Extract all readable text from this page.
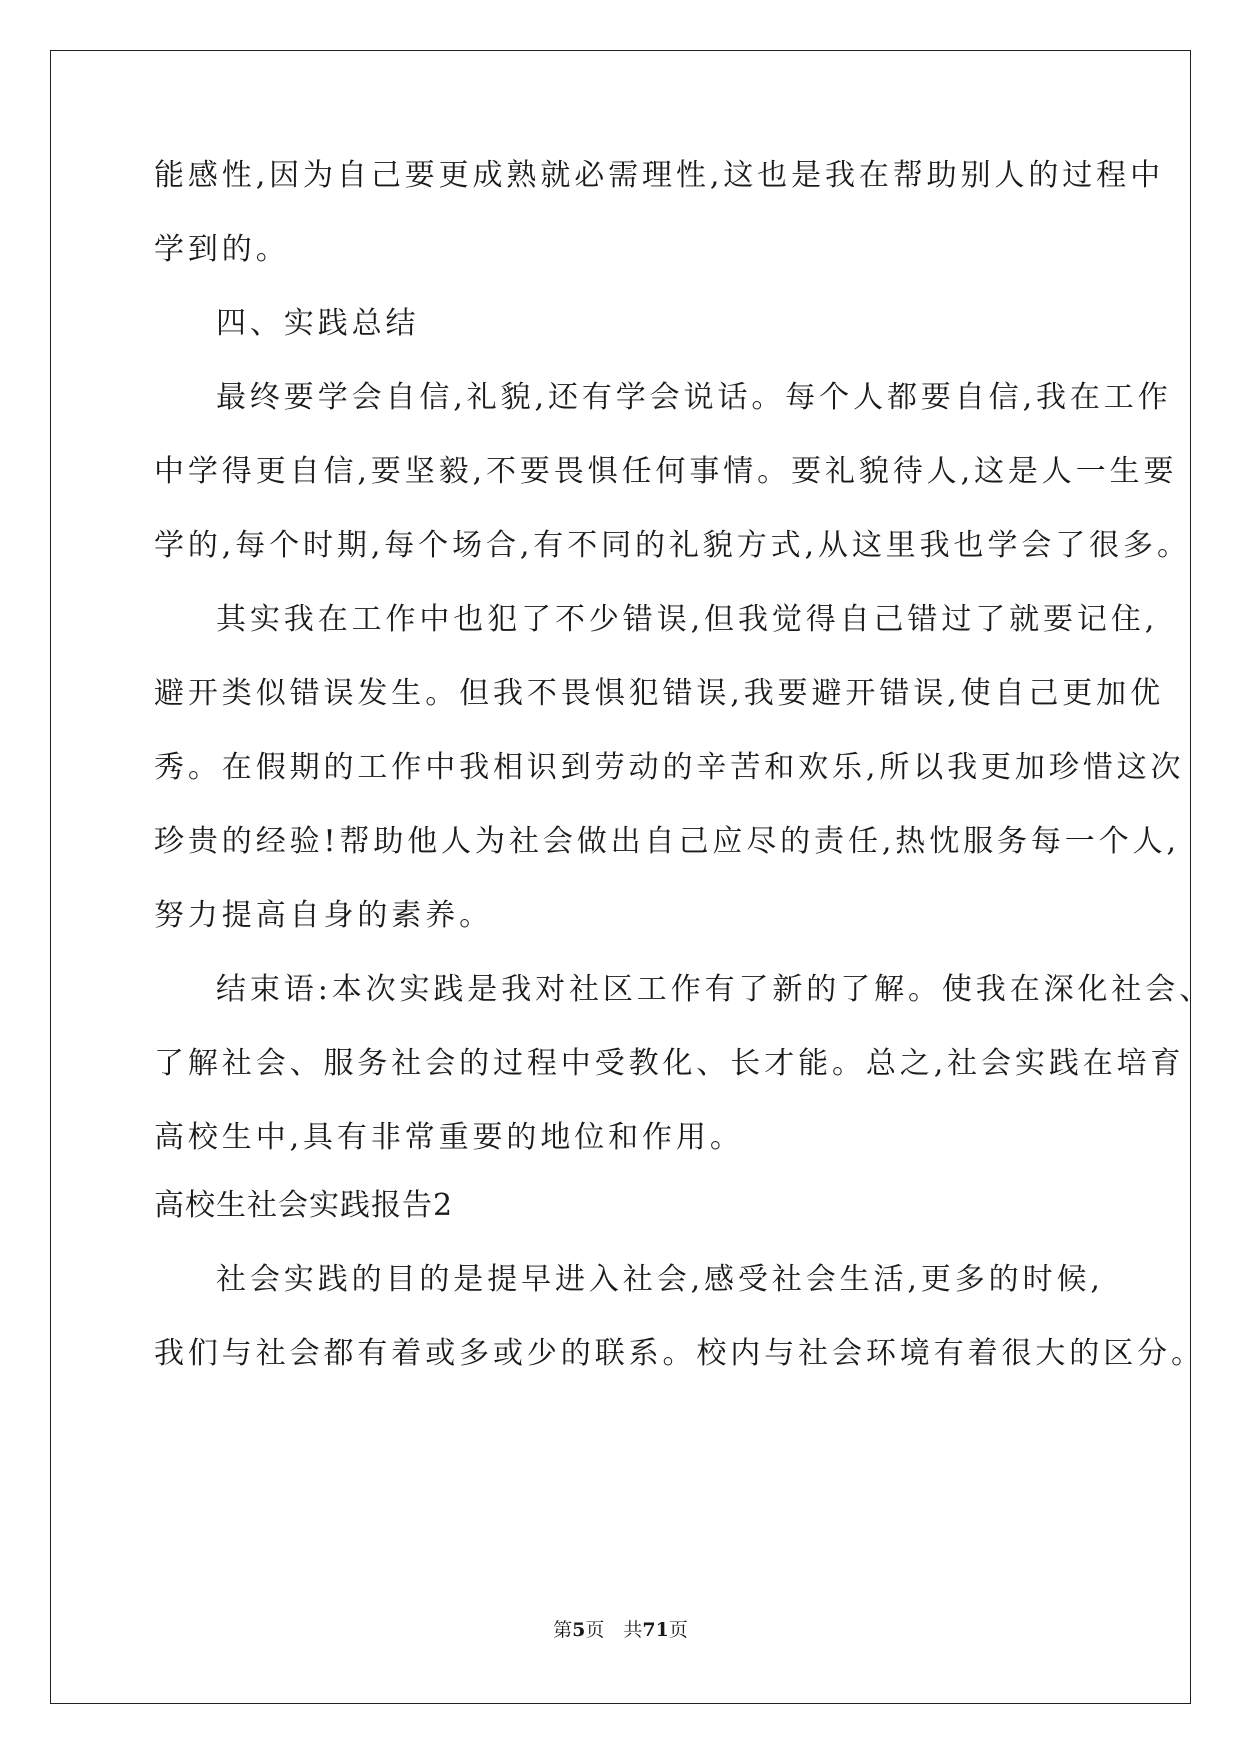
能感性,因为自己要更成熟就必需理性,这也是我在帮助别人的过程中
学到的。
四、实践总结
最终要学会自信,礼貌,还有学会说话。每个人都要自信,我在工作
中学得更自信,要坚毅,不要畏惧任何事情。要礼貌待人,这是人一生要
学的,每个时期,每个场合,有不同的礼貌方式,从这里我也学会了很多。
其实我在工作中也犯了不少错误,但我觉得自己错过了就要记住,
避开类似错误发生。但我不畏惧犯错误,我要避开错误,使自己更加优
秀。在假期的工作中我相识到劳动的辛苦和欢乐,所以我更加珍惜这次
珍贵的经验!帮助他人为社会做出自己应尽的责任,热忱服务每一个人,
努力提高自身的素养。
结束语:本次实践是我对社区工作有了新的了解。使我在深化社会、
了解社会、服务社会的过程中受教化、长才能。总之,社会实践在培育
高校生中,具有非常重要的地位和作用。
高校生社会实践报告2
社会实践的目的是提早进入社会,感受社会生活,更多的时候,
我们与社会都有着或多或少的联系。校内与社会环境有着很大的区分。
第5页　共71页
